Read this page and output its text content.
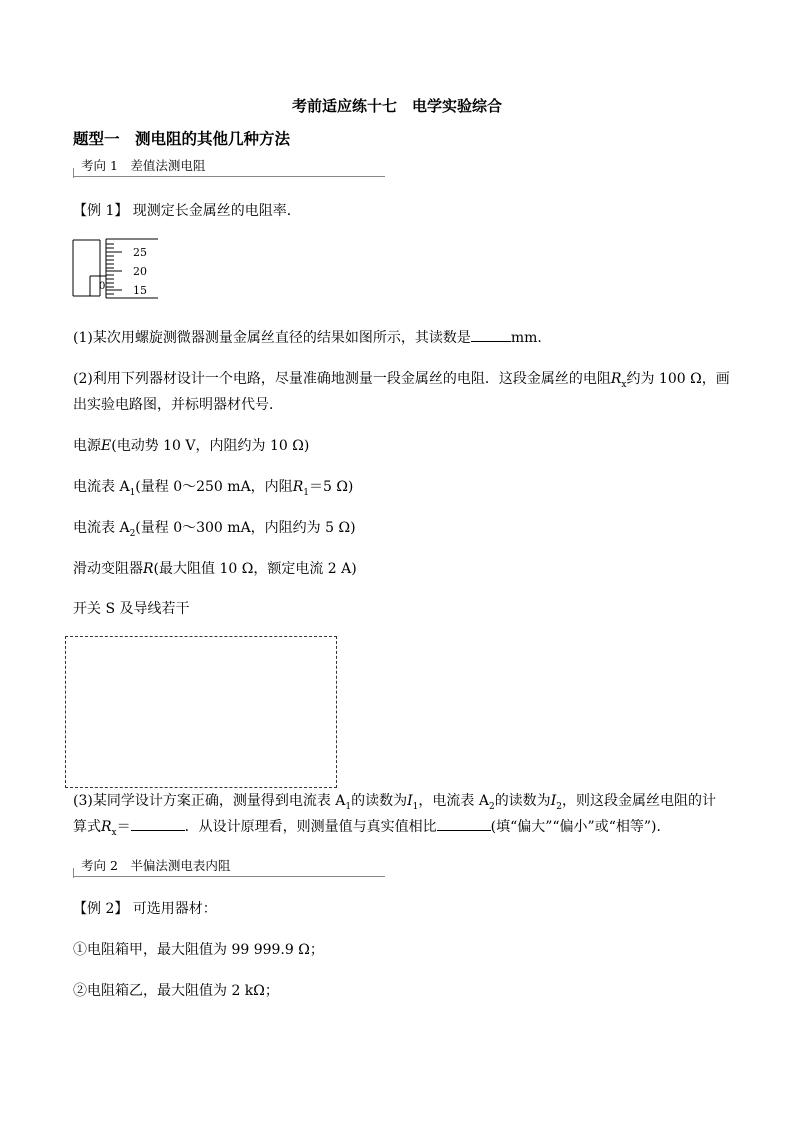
考前适应练十七　电学实验综合
题型一　测电阻的其他几种方法
考向 1　差值法测电阻
【例 1】 现测定长金属丝的电阻率．
25
20
15
0
(1)某次用螺旋测微器测量金属丝直径的结果如图所示，其读数是	mm.
(2)利用下列器材设计一个电路，尽量准确地测量一段金属丝的电阻．这段金属丝的电阻$R_x$约为 100 Ω，画
出实验电路图，并标明器材代号．
电源E(电动势 10 V，内阻约为 10 Ω)
电流表 $A_1$(量程 0～250 mA，内阻$R_1=5$ Ω)
电流表 $A_2$(量程 0～300 mA，内阻约为 5 Ω)
滑动变阻器R(最大阻值 10 Ω，额定电流 2 A)
开关 S 及导线若干
(3)某同学设计方案正确，测量得到电流表 $A_1$的读数为$I_1$，电流表 $A_2$的读数为$I_2$，则这段金属丝电阻的计
算式$R_x=$	．从设计原理看，则测量值与真实值相比	(填“偏大”“偏小”或“相等”)．
考向 2　半偏法测电表内阻
【例 2】 可选用器材：
①电阻箱甲，最大阻值为 99 999.9 Ω；
②电阻箱乙，最大阻值为 2 kΩ；
